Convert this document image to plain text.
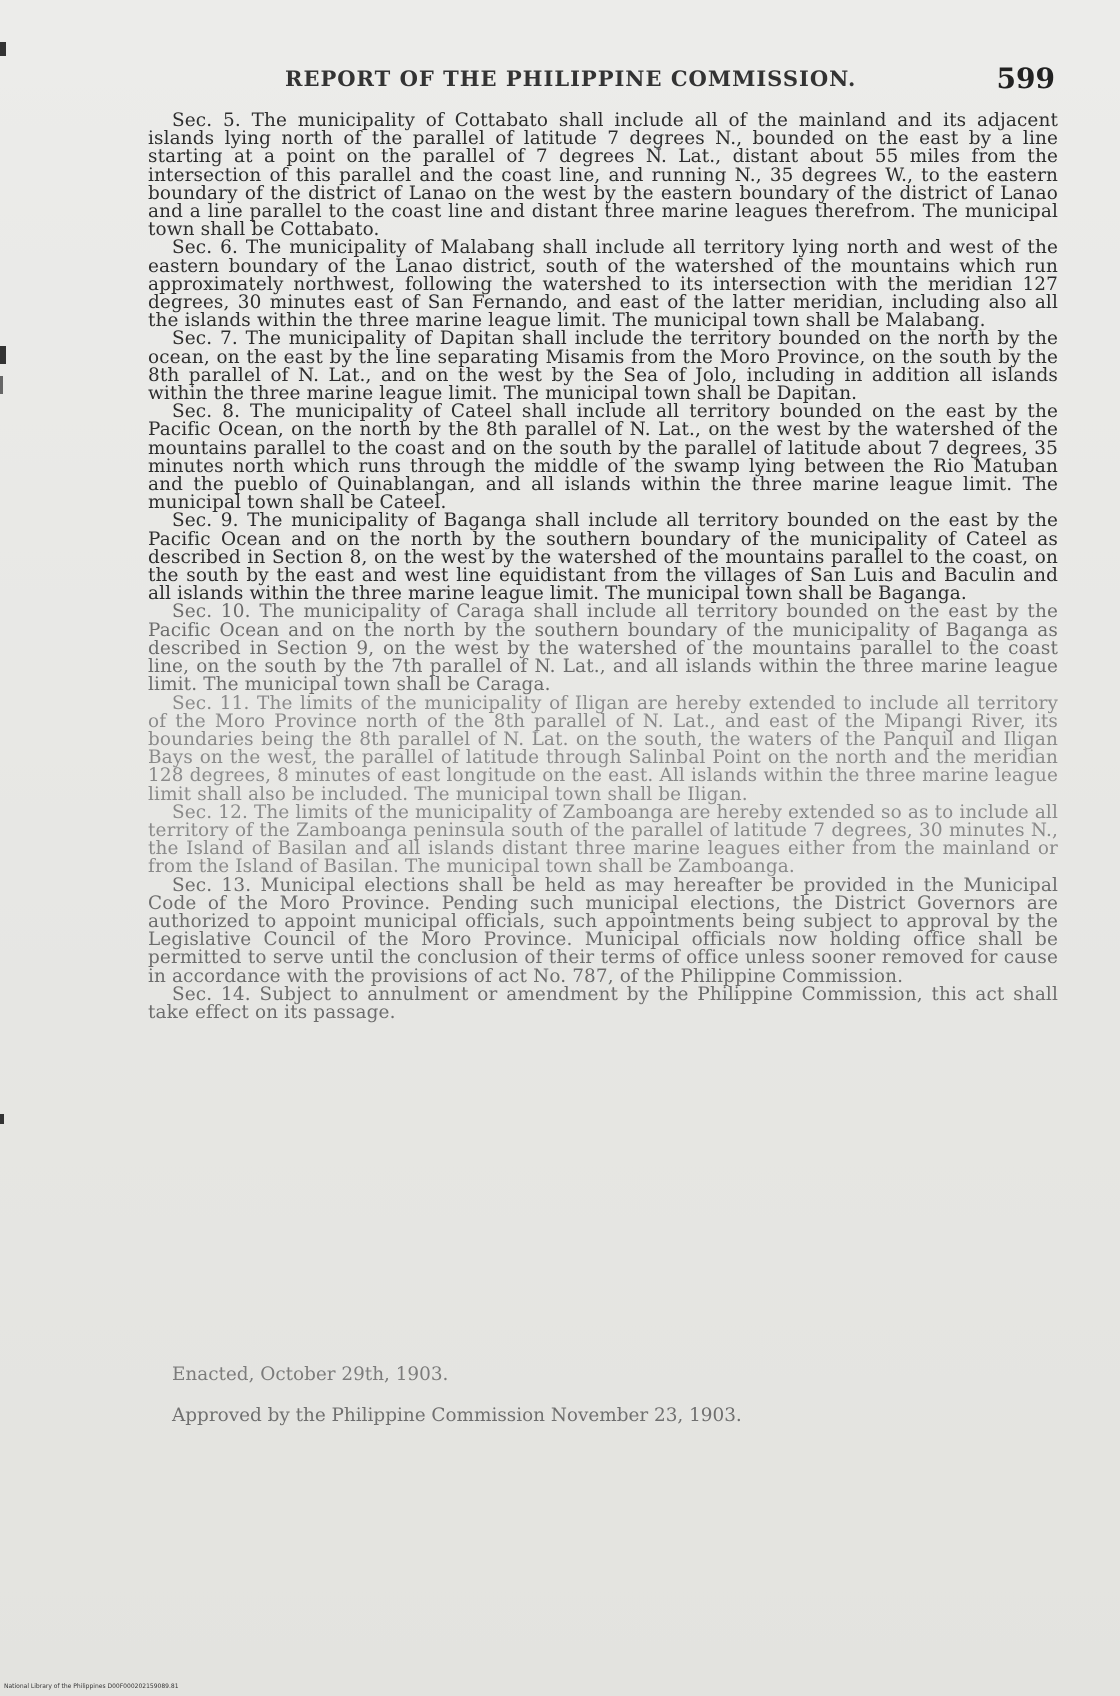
REPORT OF THE PHILIPPINE COMMISSION.	599

Sec. 5. The municipality of Cottabato shall include all of the mainland and its adjacent islands lying north of the parallel of latitude 7 degrees N., bounded on the east by a line starting at a point on the parallel of 7 degrees N. Lat., distant about 55 miles from the intersection of this parallel and the coast line, and running N., 35 degrees W., to the eastern boundary of the district of Lanao on the west by the eastern boundary of the district of Lanao and a line parallel to the coast line and distant three marine leagues therefrom. The municipal town shall be Cottabato.

Sec. 6. The municipality of Malabang shall include all territory lying north and west of the eastern boundary of the Lanao district, south of the watershed of the mountains which run approximately northwest, following the watershed to its intersection with the meridian 127 degrees, 30 minutes east of San Fernando, and east of the latter meridian, including also all the islands within the three marine league limit. The municipal town shall be Malabang.

Sec. 7. The municipality of Dapitan shall include the territory bounded on the north by the ocean, on the east by the line separating Misamis from the Moro Province, on the south by the 8th parallel of N. Lat., and on the west by the Sea of Jolo, including in addition all islands within the three marine league limit. The municipal town shall be Dapitan.

Sec. 8. The municipality of Cateel shall include all territory bounded on the east by the Pacific Ocean, on the north by the 8th parallel of N. Lat., on the west by the watershed of the mountains parallel to the coast and on the south by the parallel of latitude about 7 degrees, 35 minutes north which runs through the middle of the swamp lying between the Rio Matuban and the pueblo of Quinablangan, and all islands within the three marine league limit. The municipal town shall be Cateel.

Sec. 9. The municipality of Baganga shall include all territory bounded on the east by the Pacific Ocean and on the north by the southern boundary of the municipality of Cateel as described in Section 8, on the west by the watershed of the mountains parallel to the coast, on the south by the east and west line equidistant from the villages of San Luis and Baculin and all islands within the three marine league limit. The municipal town shall be Baganga.

Sec. 10. The municipality of Caraga shall include all territory bounded on the east by the Pacific Ocean and on the north by the southern boundary of the municipality of Baganga as described in Section 9, on the west by the watershed of the mountains parallel to the coast line, on the south by the 7th parallel of N. Lat., and all islands within the three marine league limit. The municipal town shall be Caraga.

Sec. 11. The limits of the municipality of Iligan are hereby extended to include all territory of the Moro Province north of the 8th parallel of N. Lat., and east of the Mipangi River, its boundaries being the 8th parallel of N. Lat. on the south, the waters of the Panquil and Iligan Bays on the west, the parallel of latitude through Salinbal Point on the north and the meridian 128 degrees, 8 minutes of east longitude on the east. All islands within the three marine league limit shall also be included. The municipal town shall be Iligan.

Sec. 12. The limits of the municipality of Zamboanga are hereby extended so as to include all territory of the Zamboanga peninsula south of the parallel of latitude 7 degrees, 30 minutes N., the Island of Basilan and all islands distant three marine leagues either from the mainland or from the Island of Basilan. The municipal town shall be Zamboanga.

Sec. 13. Municipal elections shall be held as may hereafter be provided in the Municipal Code of the Moro Province. Pending such municipal elections, the District Governors are authorized to appoint municipal officials, such appointments being subject to approval by the Legislative Council of the Moro Province. Municipal officials now holding office shall be permitted to serve until the conclusion of their terms of office unless sooner removed for cause in accordance with the provisions of act No. 787, of the Philippine Commission.

Sec. 14. Subject to annulment or amendment by the Philippine Commission, this act shall take effect on its passage.

Enacted, October 29th, 1903.
Approved by the Philippine Commission November 23, 1903.
National Library of the Philippines D00F000202159089.81
